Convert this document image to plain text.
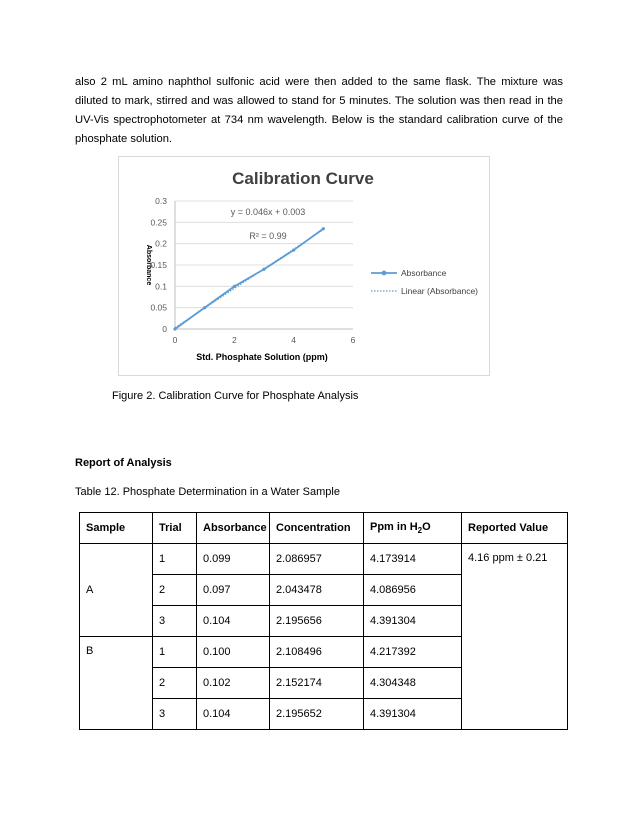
also 2 mL amino naphthol sulfonic acid were then added to the same flask. The mixture was diluted to mark, stirred and was allowed to stand for 5 minutes. The solution was then read in the UV-Vis spectrophotometer at 734 nm wavelength. Below is the standard calibration curve of the phosphate solution.

Calibration Curve
y = 0.046x + 0.003
R² = 0.99
Std. Phosphate Solution (ppm)
Absorbance
0
0.05
0.1
0.15
0.2
0.25
0.3
0	2	4	6
Absorbance
Linear (Absorbance)
Figure 2. Calibration Curve for Phosphate Analysis
Report of Analysis
Table 12. Phosphate Determination in a Water Sample
Sample	Trial	Absorbance	Concentration	Ppm in $H_2O$	Reported Value
A	1	0.099	2.086957	4.173914	4.16 ppm ± 0.21
	2	0.097	2.043478	4.086956	
	3	0.104	2.195656	4.391304	
B	1	0.100	2.108496	4.217392	
	2	0.102	2.152174	4.304348	
	3	0.104	2.195652	4.391304	
